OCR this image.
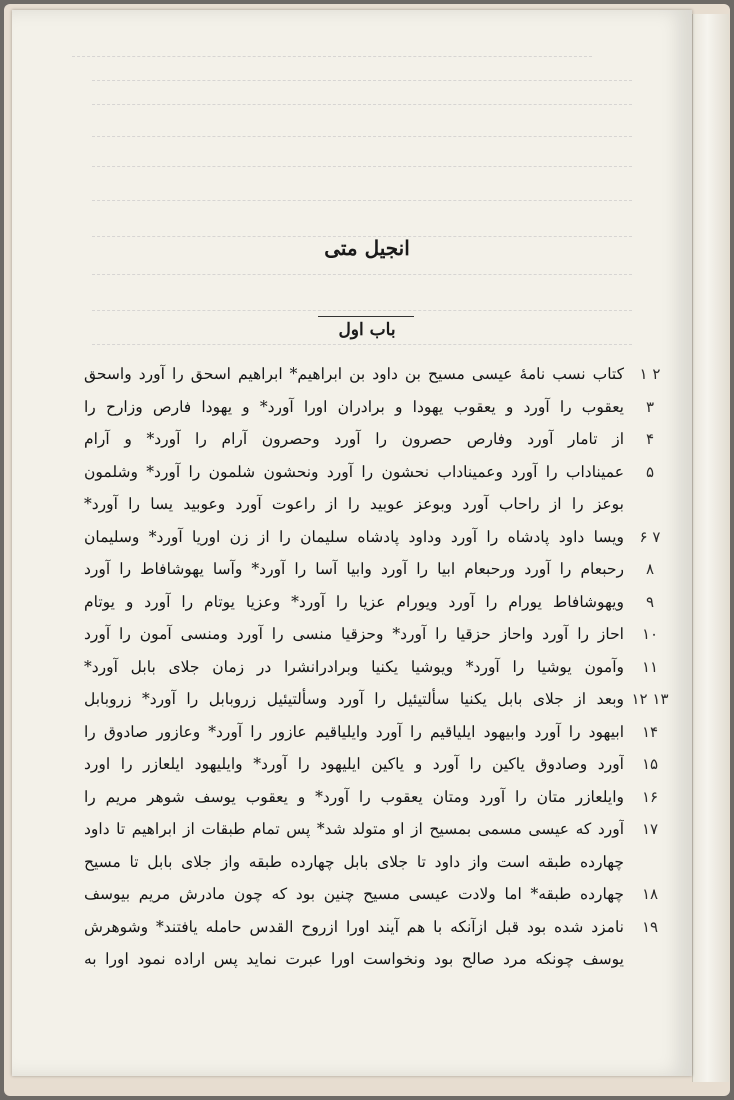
انجیل متی
باب اول
کتاب نسب نامهٔ عیسی مسیح بن داود بن ابراهیم* ابراهیم اسحق را آورد واسحق
یعقوب را آورد و یعقوب یهودا و برادران اورا آورد* و یهودا فارص وزارح را
از تامار آورد وفارص حصرون را آورد وحصرون آرام را آورد* و آرام
عمیناداب را آورد وعمیناداب نحشون را آورد ونحشون شلمون را آورد* وشلمون
بوعز را از راحاب آورد وبوعز عوبید را از راعوت آورد وعوبید یسا را آورد*
ویسا داود پادشاه را آورد وداود پادشاه سلیمان را از زن اوریا آورد* وسلیمان
رحبعام را آورد ورحبعام ابیا را آورد وابیا آسا را آورد* وآسا یهوشافاط را آورد
ویهوشافاط یورام را آورد ویورام عزیا را آورد* وعزیا یوتام را آورد و یوتام
احاز را آورد واحاز حزقیا را آورد* وحزقیا منسی را آورد ومنسی آمون را آورد
وآمون یوشیا را آورد* ویوشیا یکنیا وبرادرانشرا در زمان جلای بابل آورد*
وبعد از جلای بابل یکنیا سألتیئیل را آورد وسألتیئیل زروبابل را آورد* زروبابل
ابیهود را آورد وابیهود ایلیاقیم را آورد وایلیاقیم عازور را آورد* وعازور صادوق را
آورد وصادوق یاکین را آورد و یاکین ایلیهود را آورد* وایلیهود ایلعازر را اورد
وایلعازر متان را آورد ومتان یعقوب را آورد* و یعقوب یوسف شوهر مریم را
آورد که عیسی مسمی بمسیح از او متولد شد* پس تمام طبقات از ابراهیم تا داود
چهارده طبقه است واز داود تا جلای بابل چهارده طبقه واز جلای بابل تا مسیح
چهارده طبقه* اما ولادت عیسی مسیح چنین بود که چون مادرش مریم بیوسف
نامزد شده بود قبل ازآنکه با هم آیند اورا ازروح القدس حامله یافتند* وشوهرش
یوسف چونکه مرد صالح بود ونخواست اورا عبرت نماید پس اراده نمود اورا به
۱ ۲
۳
۴
۵
۶ ۷
۸
۹
۱۰
۱۱
۱۲ ۱۳
۱۴
۱۵
۱۶
۱۷
۱۸
۱۹
